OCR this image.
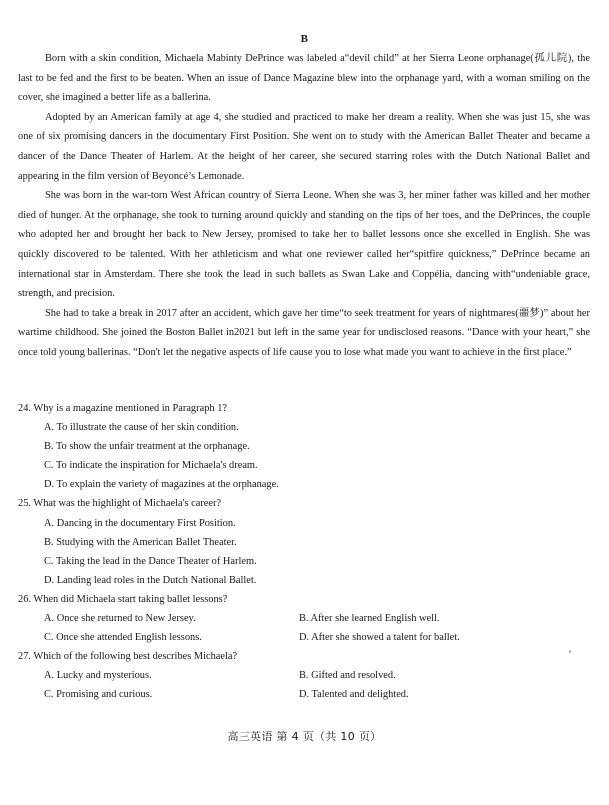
B

Born with a skin condition, Michaela Mabinty DePrince was labeled a“devil child” at her Sierra Leone orphanage(孤儿院), the last to be fed and the first to be beaten. When an issue of Dance Magazine blew into the orphanage yard, with a woman smiling on the cover, she imagined a better life as a ballerina.

Adopted by an American family at age 4, she studied and practiced to make her dream a reality. When she was just 15, she was one of six promising dancers in the documentary First Position. She went on to study with the American Ballet Theater and became a dancer of the Dance Theater of Harlem. At the height of her career, she secured starring roles with the Dutch National Ballet and appearing in the film version of Beyoncé’s Lemonade.

She was born in the war-torn West African country of Sierra Leone. When she was 3, her miner father was killed and her mother died of hunger. At the orphanage, she took to turning around quickly and standing on the tips of her toes, and the DePrinces, the couple who adopted her and brought her back to New Jersey, promised to take her to ballet lessons once she excelled in English. She was quickly discovered to be talented. With her athleticism and what one reviewer called her“spitfire quickness,” DePrince became an international star in Amsterdam. There she took the lead in such ballets as Swan Lake and Coppélia, dancing with“undeniable grace, strength, and precision.

She had to take a break in 2017 after an accident, which gave her time“to seek treatment for years of nightmares(噩梦)” about her wartime childhood. She joined the Boston Ballet in2021 but left in the same year for undisclosed reasons. “Dance with your heart,” she once told young ballerinas. “Don't let the negative aspects of life cause you to lose what made you want to achieve in the first place.”

24. Why is a magazine mentioned in Paragraph 1?
A. To illustrate the cause of her skin condition.
B. To show the unfair treatment at the orphanage.
C. To indicate the inspiration for Michaela's dream.
D. To explain the variety of magazines at the orphanage.
25. What was the highlight of Michaela's career?
A. Dancing in the documentary First Position.
B. Studying with the American Ballet Theater.
C. Taking the lead in the Dance Theater of Harlem.
D. Landing lead roles in the Dutch National Ballet.
26. When did Michaela start taking ballet lessons?
A. Once she returned to New Jersey.	B. After she learned English well.
C. Once she attended English lessons.	D. After she showed a talent for ballet.
27. Which of the following best describes Michaela?
A. Lucky and mysterious.	B. Gifted and resolved.
C. Promising and curious.	D. Talented and delighted.
高三英语 第 4 页（共 10 页）
